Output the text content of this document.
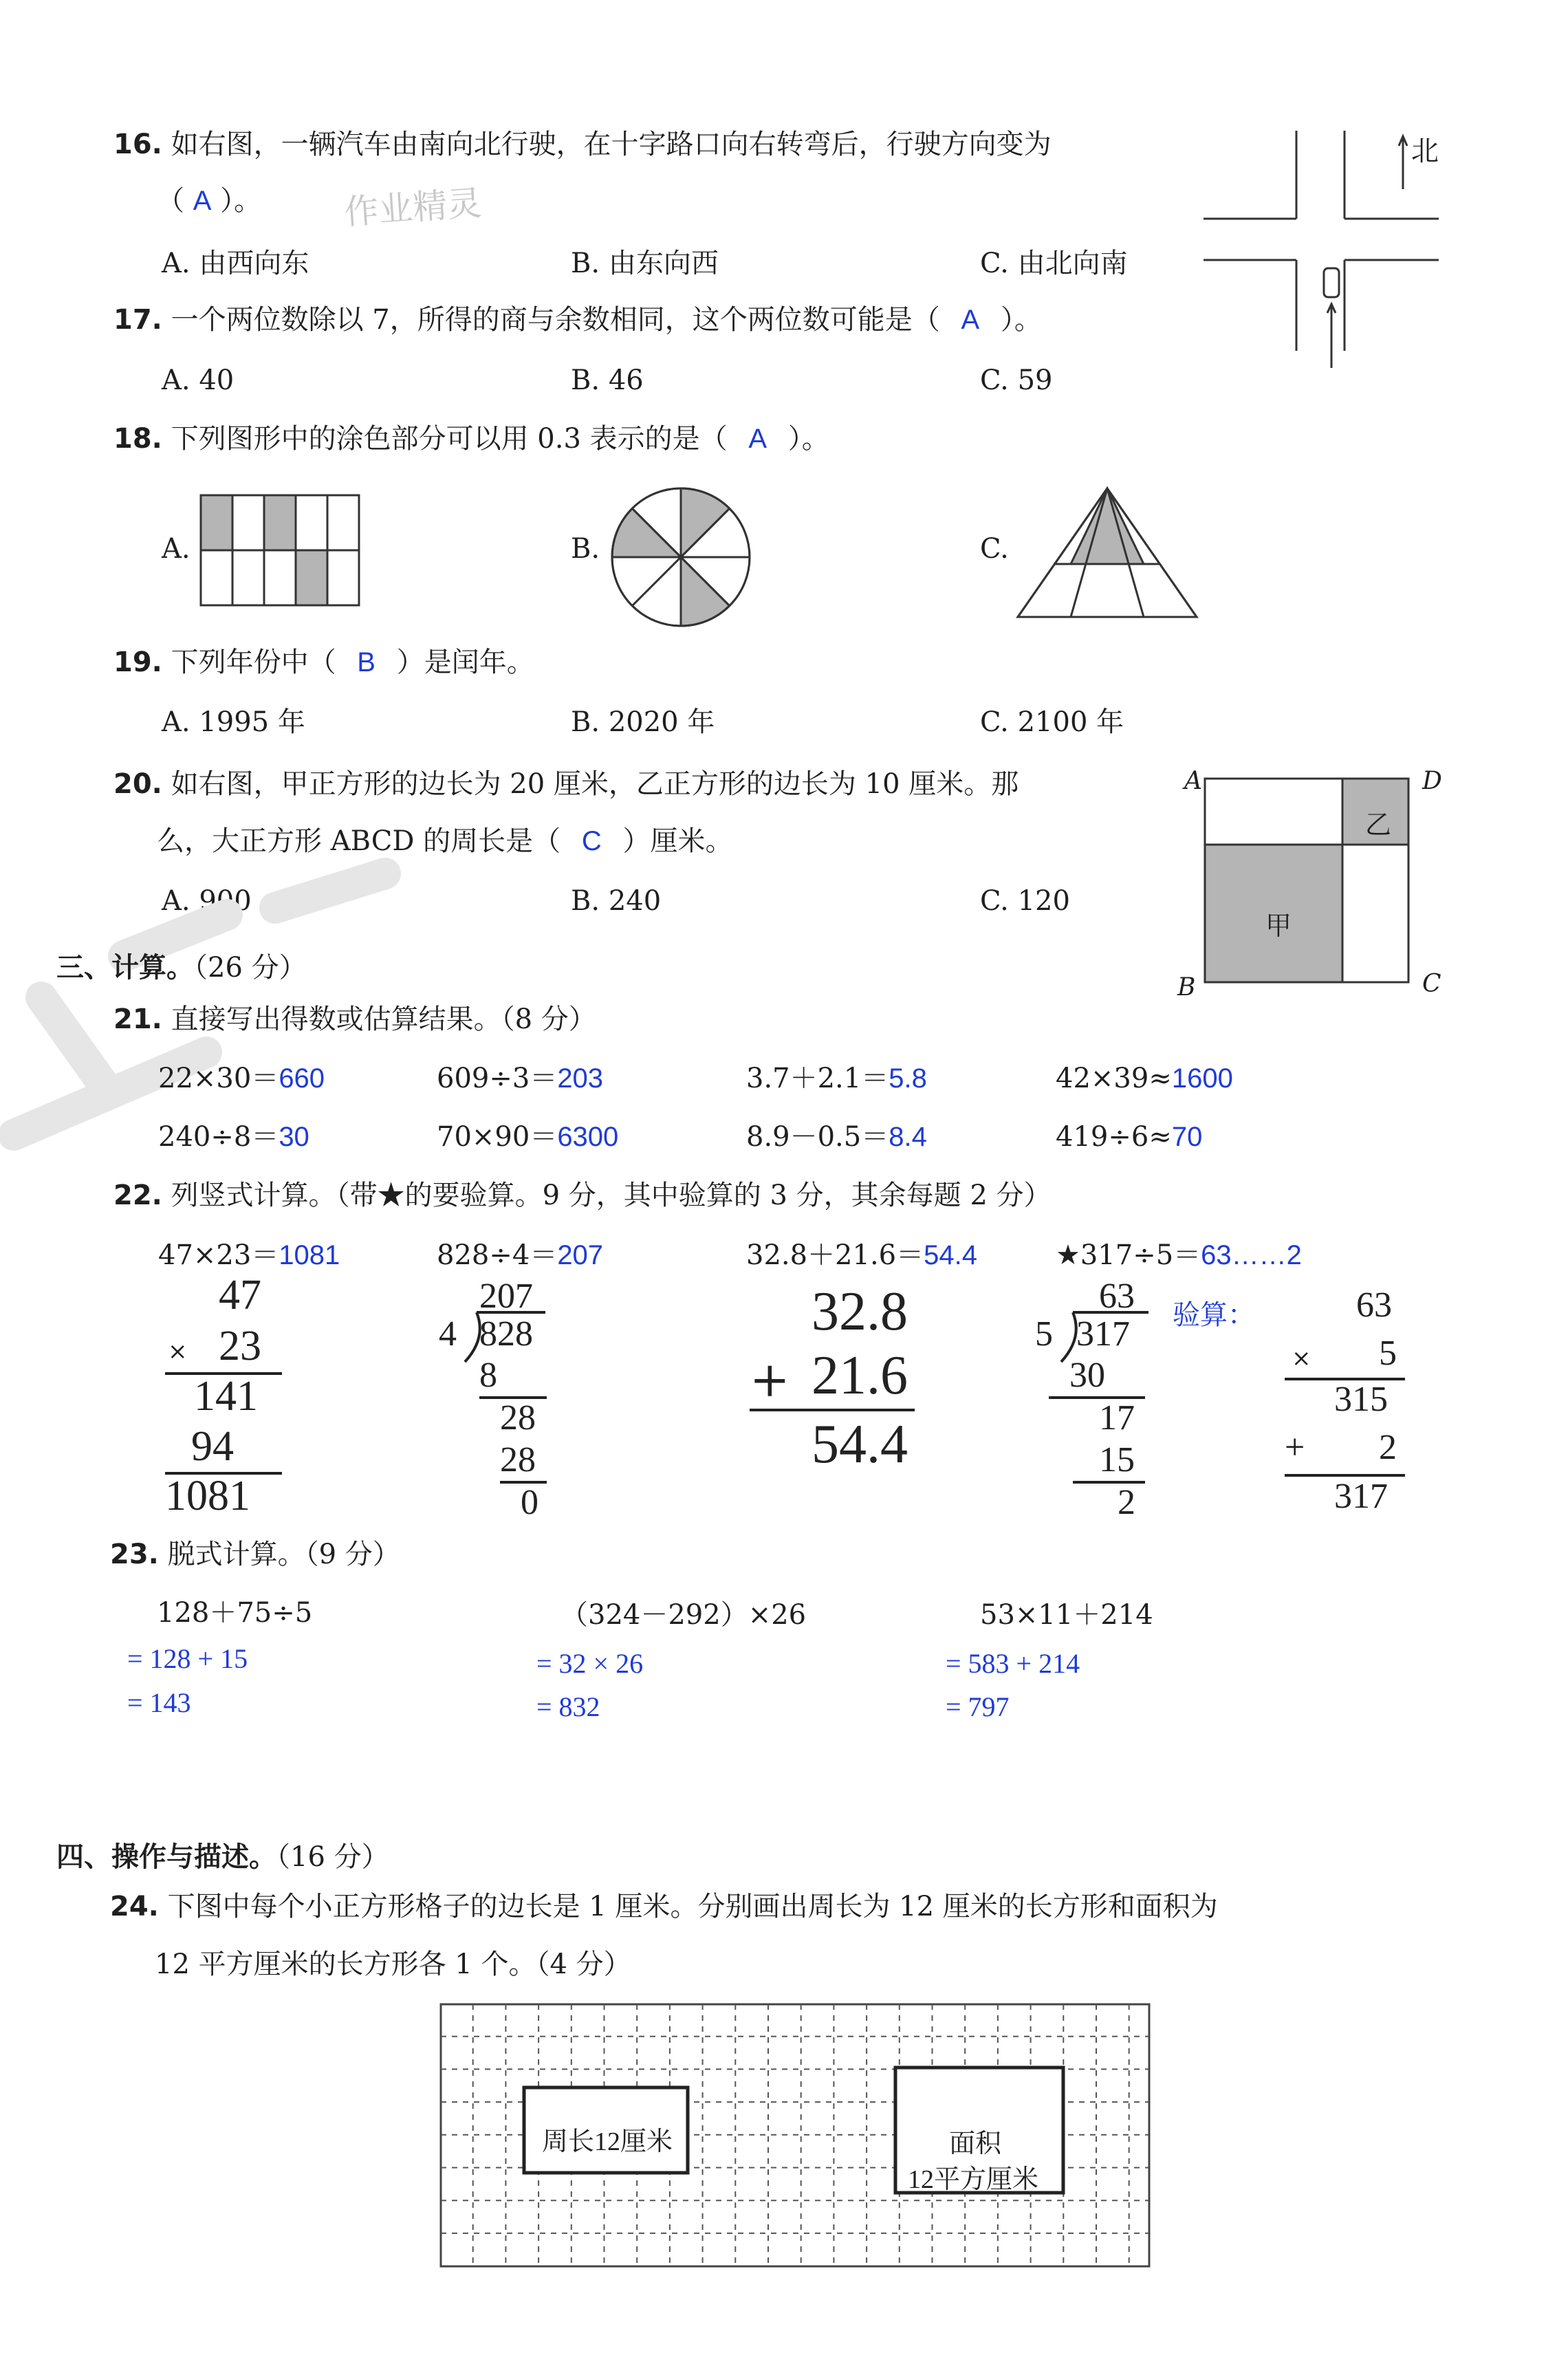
16. 如右图，一辆汽车由南向北行驶，在十字路口向右转弯后，行驶方向变为
（ A ）。 作业精灵
A. 由西向东	B. 由东向西	C. 由北向南
北
17. 一个两位数除以 7，所得的商与余数相同，这个两位数可能是（ A ）。
A. 40	B. 46	C. 59
18. 下列图形中的涂色部分可以用 0.3 表示的是（ A ）。
A.	B.	C.
19. 下列年份中（ B ）是闰年。
A. 1995 年	B. 2020 年	C. 2100 年
20. 如右图，甲正方形的边长为 20 厘米，乙正方形的边长为 10 厘米。那
么，大正方形 ABCD 的周长是（ C ）厘米。
A. 900	B. 240	C. 120
A	D
B	C
甲
乙
三、计算。（26 分）
21. 直接写出得数或估算结果。（8 分）
22×30＝660	609÷3＝203	3.7＋2.1＝5.8	42×39≈1600
240÷8＝30	70×90＝6300	8.9－0.5＝8.4	419÷6≈70
22. 列竖式计算。（带★的要验算。9 分，其中验算的 3 分，其余每题 2 分）
47×23＝1081	828÷4＝207	32.8＋21.6＝54.4	★317÷5＝63……2
47
× 23
141
94
1081
207
4 828
8
28
28
0
32.8
+ 21.6
54.4
63
5 317
30
17
15
2
验算：	63
× 5
315
+ 2
317
23. 脱式计算。（9 分）
128＋75÷5
= 128 + 15
= 143
（324－292）×26
= 32 × 26
= 832
53×11＋214
= 583 + 214
= 797
四、操作与描述。（16 分）
24. 下图中每个小正方形格子的边长是 1 厘米。分别画出周长为 12 厘米的长方形和面积为
12 平方厘米的长方形各 1 个。（4 分）
周长12厘米	面积
12平方厘米
